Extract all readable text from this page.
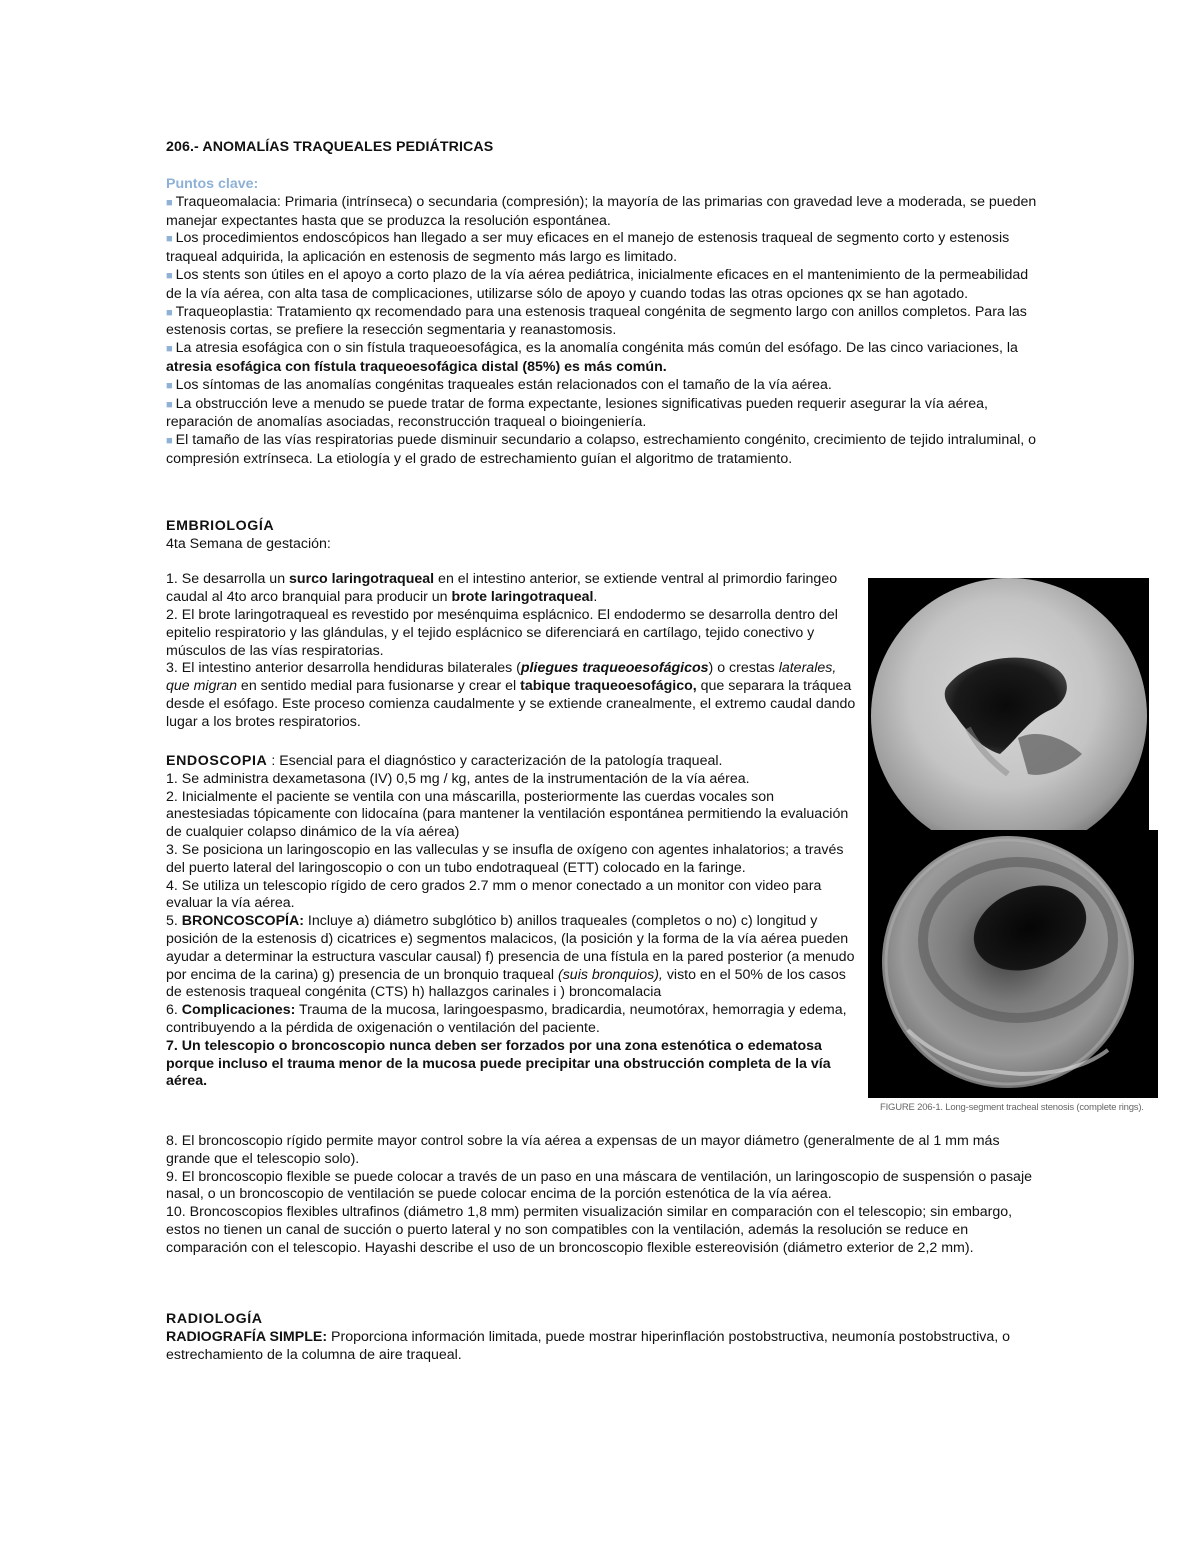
206.- ANOMALÍAS TRAQUEALES PEDIÁTRICAS

Puntos clave:

■ Traqueomalacia: Primaria (intrínseca) o secundaria (compresión); la mayoría de las primarias con gravedad leve a moderada, se pueden manejar expectantes hasta que se produzca la resolución espontánea.

■ Los procedimientos endoscópicos han llegado a ser muy eficaces en el manejo de estenosis traqueal de segmento corto y estenosis traqueal adquirida, la aplicación en estenosis de segmento más largo es limitado.

■ Los stents son útiles en el apoyo a corto plazo de la vía aérea pediátrica, inicialmente eficaces en el mantenimiento de la permeabilidad de la vía aérea, con alta tasa de complicaciones, utilizarse sólo de apoyo y cuando todas las otras opciones qx se han agotado.

■ Traqueoplastia: Tratamiento qx recomendado para una estenosis traqueal congénita de segmento largo con anillos completos. Para las estenosis cortas, se prefiere la resección segmentaria y reanastomosis.

■ La atresia esofágica con o sin fístula traqueoesofágica, es la anomalía congénita más común del esófago. De las cinco variaciones, la atresia esofágica con fístula traqueoesofágica distal (85%) es más común.

■ Los síntomas de las anomalías congénitas traqueales están relacionados con el tamaño de la vía aérea.

■ La obstrucción leve a menudo se puede tratar de forma expectante, lesiones significativas pueden requerir asegurar la vía aérea, reparación de anomalías asociadas, reconstrucción traqueal o bioingeniería.

■ El tamaño de las vías respiratorias puede disminuir secundario a colapso, estrechamiento congénito, crecimiento de tejido intraluminal, o compresión extrínseca. La etiología y el grado de estrechamiento guían el algoritmo de tratamiento.

EMBRIOLOGÍA

4ta Semana de gestación:

1. Se desarrolla un surco laringotraqueal en el intestino anterior, se extiende ventral al primordio faringeo caudal al 4to arco branquial para producir un brote laringotraqueal.

2. El brote laringotraqueal es revestido por mesénquima esplácnico. El endodermo se desarrolla dentro del epitelio respiratorio y las glándulas, y el tejido esplácnico se diferenciará en cartílago, tejido conectivo y músculos de las vías respiratorias.

3. El intestino anterior desarrolla hendiduras bilaterales (pliegues traqueoesofágicos) o crestas laterales, que migran en sentido medial para fusionarse y crear el tabique traqueoesofágico, que separara la tráquea desde el esófago. Este proceso comienza caudalmente y se extiende cranealmente, el extremo caudal dando lugar a los brotes respiratorios.

ENDOSCOPIA : Esencial para el diagnóstico y caracterización de la patología traqueal.

1. Se administra dexametasona (IV) 0,5 mg / kg, antes de la instrumentación de la vía aérea.

2. Inicialmente el paciente se ventila con una máscarilla, posteriormente las cuerdas vocales son anestesiadas tópicamente con lidocaína (para mantener la ventilación espontánea permitiendo la evaluación de cualquier colapso dinámico de la vía aérea)

3. Se posiciona un laringoscopio en las valleculas y se insufla de oxígeno con agentes inhalatorios; a través del puerto lateral del laringoscopio o con un tubo endotraqueal (ETT) colocado en la faringe.

4. Se utiliza un telescopio rígido de cero grados 2.7 mm o menor conectado a un monitor con video para evaluar la vía aérea.

5. BRONCOSCOPÍA: Incluye a) diámetro subglótico b) anillos traqueales (completos o no) c) longitud y posición de la estenosis d) cicatrices e) segmentos malacicos, (la posición y la forma de la vía aérea pueden ayudar a determinar la estructura vascular causal) f) presencia de una fístula en la pared posterior (a menudo por encima de la carina) g) presencia de un bronquio traqueal (suis bronquios), visto en el 50% de los casos de estenosis traqueal congénita (CTS) h) hallazgos carinales i ) broncomalacia

6. Complicaciones: Trauma de la mucosa, laringoespasmo, bradicardia, neumotórax, hemorragia y edema, contribuyendo a la pérdida de oxigenación o ventilación del paciente.

7. Un telescopio o broncoscopio nunca deben ser forzados por una zona estenótica o edematosa porque incluso el trauma menor de la mucosa puede precipitar una obstrucción completa de la vía aérea.

8. El broncoscopio rígido permite mayor control sobre la vía aérea a expensas de un mayor diámetro (generalmente de al 1 mm más grande que el telescopio solo).

9. El broncoscopio flexible se puede colocar a través de un paso en una máscara de ventilación, un laringoscopio de suspensión o pasaje nasal, o un broncoscopio de ventilación se puede colocar encima de la porción estenótica de la vía aérea.

10. Broncoscopios flexibles ultrafinos (diámetro 1,8 mm) permiten visualización similar en comparación con el telescopio; sin embargo, estos no tienen un canal de succión o puerto lateral y no son compatibles con la ventilación, además la resolución se reduce en comparación con el telescopio. Hayashi describe el uso de un broncoscopio flexible estereovisión (diámetro exterior de 2,2 mm).

RADIOLOGÍA

RADIOGRAFÍA SIMPLE: Proporciona información limitada, puede mostrar hiperinflación postobstructiva, neumonía postobstructiva, o estrechamiento de la columna de aire traqueal.

FIGURE 206-1. Long-segment tracheal stenosis (complete rings).
